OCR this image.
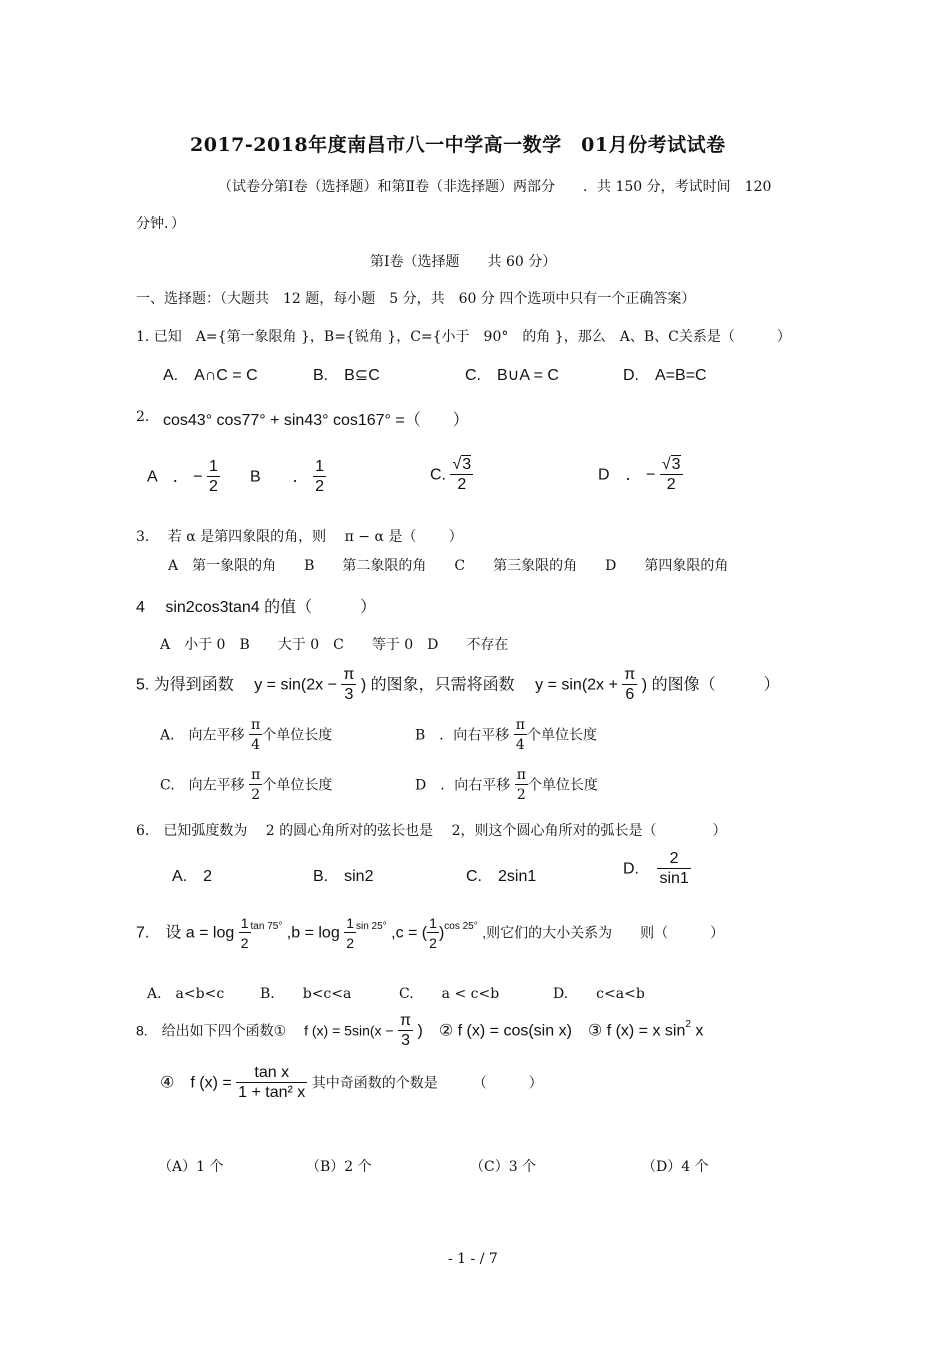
2017-2018年度南昌市八一中学高一数学　01月份考试试卷
（试卷分第Ⅰ卷（选择题）和第Ⅱ卷（非选择题）两部分　　．共 150 分，考试时间　120
分钟．）
第Ⅰ卷（选择题　　共 60 分）
一、选择题：（大题共　12 题，每小题　5 分，共　60 分 四个选项中只有一个正确答案）
1. 已知　A={第一象限角 }，B={锐角 }，C={小于　90°　的角 }，那么　A、B、C关系是（　　　）
A.　A∩C = C	B.　B⊆C	C.　B∪A = C	D.　A=B=C
2. cos43° cos77° + sin43° cos167° =（　　）
A　． − $\frac{1}{2}$ B　　． $\frac{1}{2}$	C. $\frac{√3}{2}$	D　． − $\frac{√3}{2}$
3.　 若 α 是第四象限的角，则　 π − α 是（　　 ）
A　第一象限的角　　B　　第二象限的角　　C　　第三象限的角　　D　　第四象限的角
4　 sin2cos3tan4 的值（　　　）
A　小于 0　B　　大于 0　C　　等于 0　D　　不存在
5. 为得到函数　 $y = \sin(2x - \frac{\pi}{3}$ ) 的图象，只需将函数　 $y = \sin(2x + \frac{\pi}{6}$ ) 的图像（　　　）
A.　向左平移 $\frac{\pi}{4}$ 个单位长度	B　．向右平移 $\frac{\pi}{4}$ 个单位长度
C.　向左平移 $\frac{\pi}{2}$ 个单位长度	D　．向右平移 $\frac{\pi}{2}$ 个单位长度
6.　已知弧度数为　 2 的圆心角所对的弦长也是　 2，则这个圆心角所对的弧长是（　　　　）
A.　2	B.　sin2	C.　2sin1	D. $\frac{2}{\sin 1}$
7.　设 $a = \log \frac{1}{2} ^{tan 75^\circ}$ $,b = \log \frac{1}{2} ^{sin 25^\circ}$ ,c = ( $\frac{1}{2} )^{cos 25^\circ}$ ,则它们的大小关系为　　则（　　　）
A.　a<b<c	B.　　b<c<a	C.　　a < c<b	D.　　c<a<b
8.　给出如下四个函数①　 f $(x) = 5\sin(x - \frac{\pi}{3}$ )　② f (x) = cos(sin x)　③ f (x) = x $\sin^2 x$
④　f $(x) = \frac{\text{tan x}}{\text{1 + tan² x}}$ 其中奇函数的个数是　　　（　　　）
（A）1 个	（B）2 个	（C）3 个	（D）4 个
- 1 - / 7
